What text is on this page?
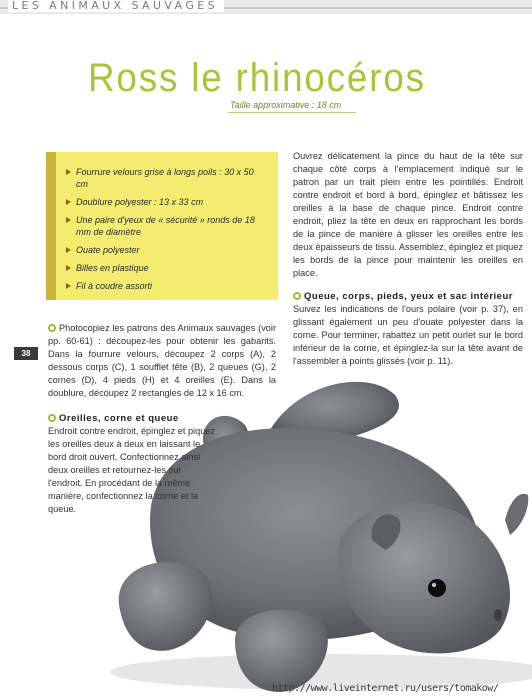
LES ANIMAUX SAUVAGES
Ross le rhinocéros
Taille approximative : 18 cm
Fourrure velours grise à longs poils : 30 x 50 cm
Doublure polyester : 13 x 33 cm
Une paire d'yeux de « sécurité » ronds de 18 mm de diamètre
Ouate polyester
Billes en plastique
Fil à coudre assorti
Ouvrez délicatement la pince du haut de la tête sur chaque côté corps à l'emplacement indiqué sur le patron par un trait plein entre les pointillés. Endroit contre endroit et bord à bord, épinglez et bâtissez les oreilles à la base de chaque pince. Endroit contre endroit, pliez la tête en deux en rapprochant les bords de la pince de manière à glisser les oreilles entre les deux épaisseurs de tissu. Assemblez, épinglez et piquez les bords de la pince pour maintenir les oreilles en place.

Queue, corps, pieds, yeux et sac intérieur

Suivez les indications de l'ours polaire (voir p. 37), en glissant également un peu d'ouate polyester dans la corne. Pour terminer, rabattez un petit ourlet sur le bord inférieur de la corne, et épinglez-la sur la tête avant de l'assembler à points glissés (voir p. 11).
38
Photocopiez les patrons des Animaux sauvages (voir pp. 60-61) : découpez-les pour obtenir les gabarits. Dans la fourrure velours, découpez 2 corps (A), 2 dessous corps (C), 1 soufflet tête (B), 2 queues (G), 2 cornes (D), 4 pieds (H) et 4 oreilles (E). Dans la doublure, découpez 2 rectangles de 12 x 16 cm.

Oreilles, corne et queue

Endroit contre endroit, épinglez et piquez les oreilles deux à deux en laissant le bord droit ouvert. Confectionnez ainsi deux oreilles et retournez-les sur l'endroit. En procédant de la même manière, confectionnez la corne et la queue.
http://www.liveinternet.ru/users/tomakow/
